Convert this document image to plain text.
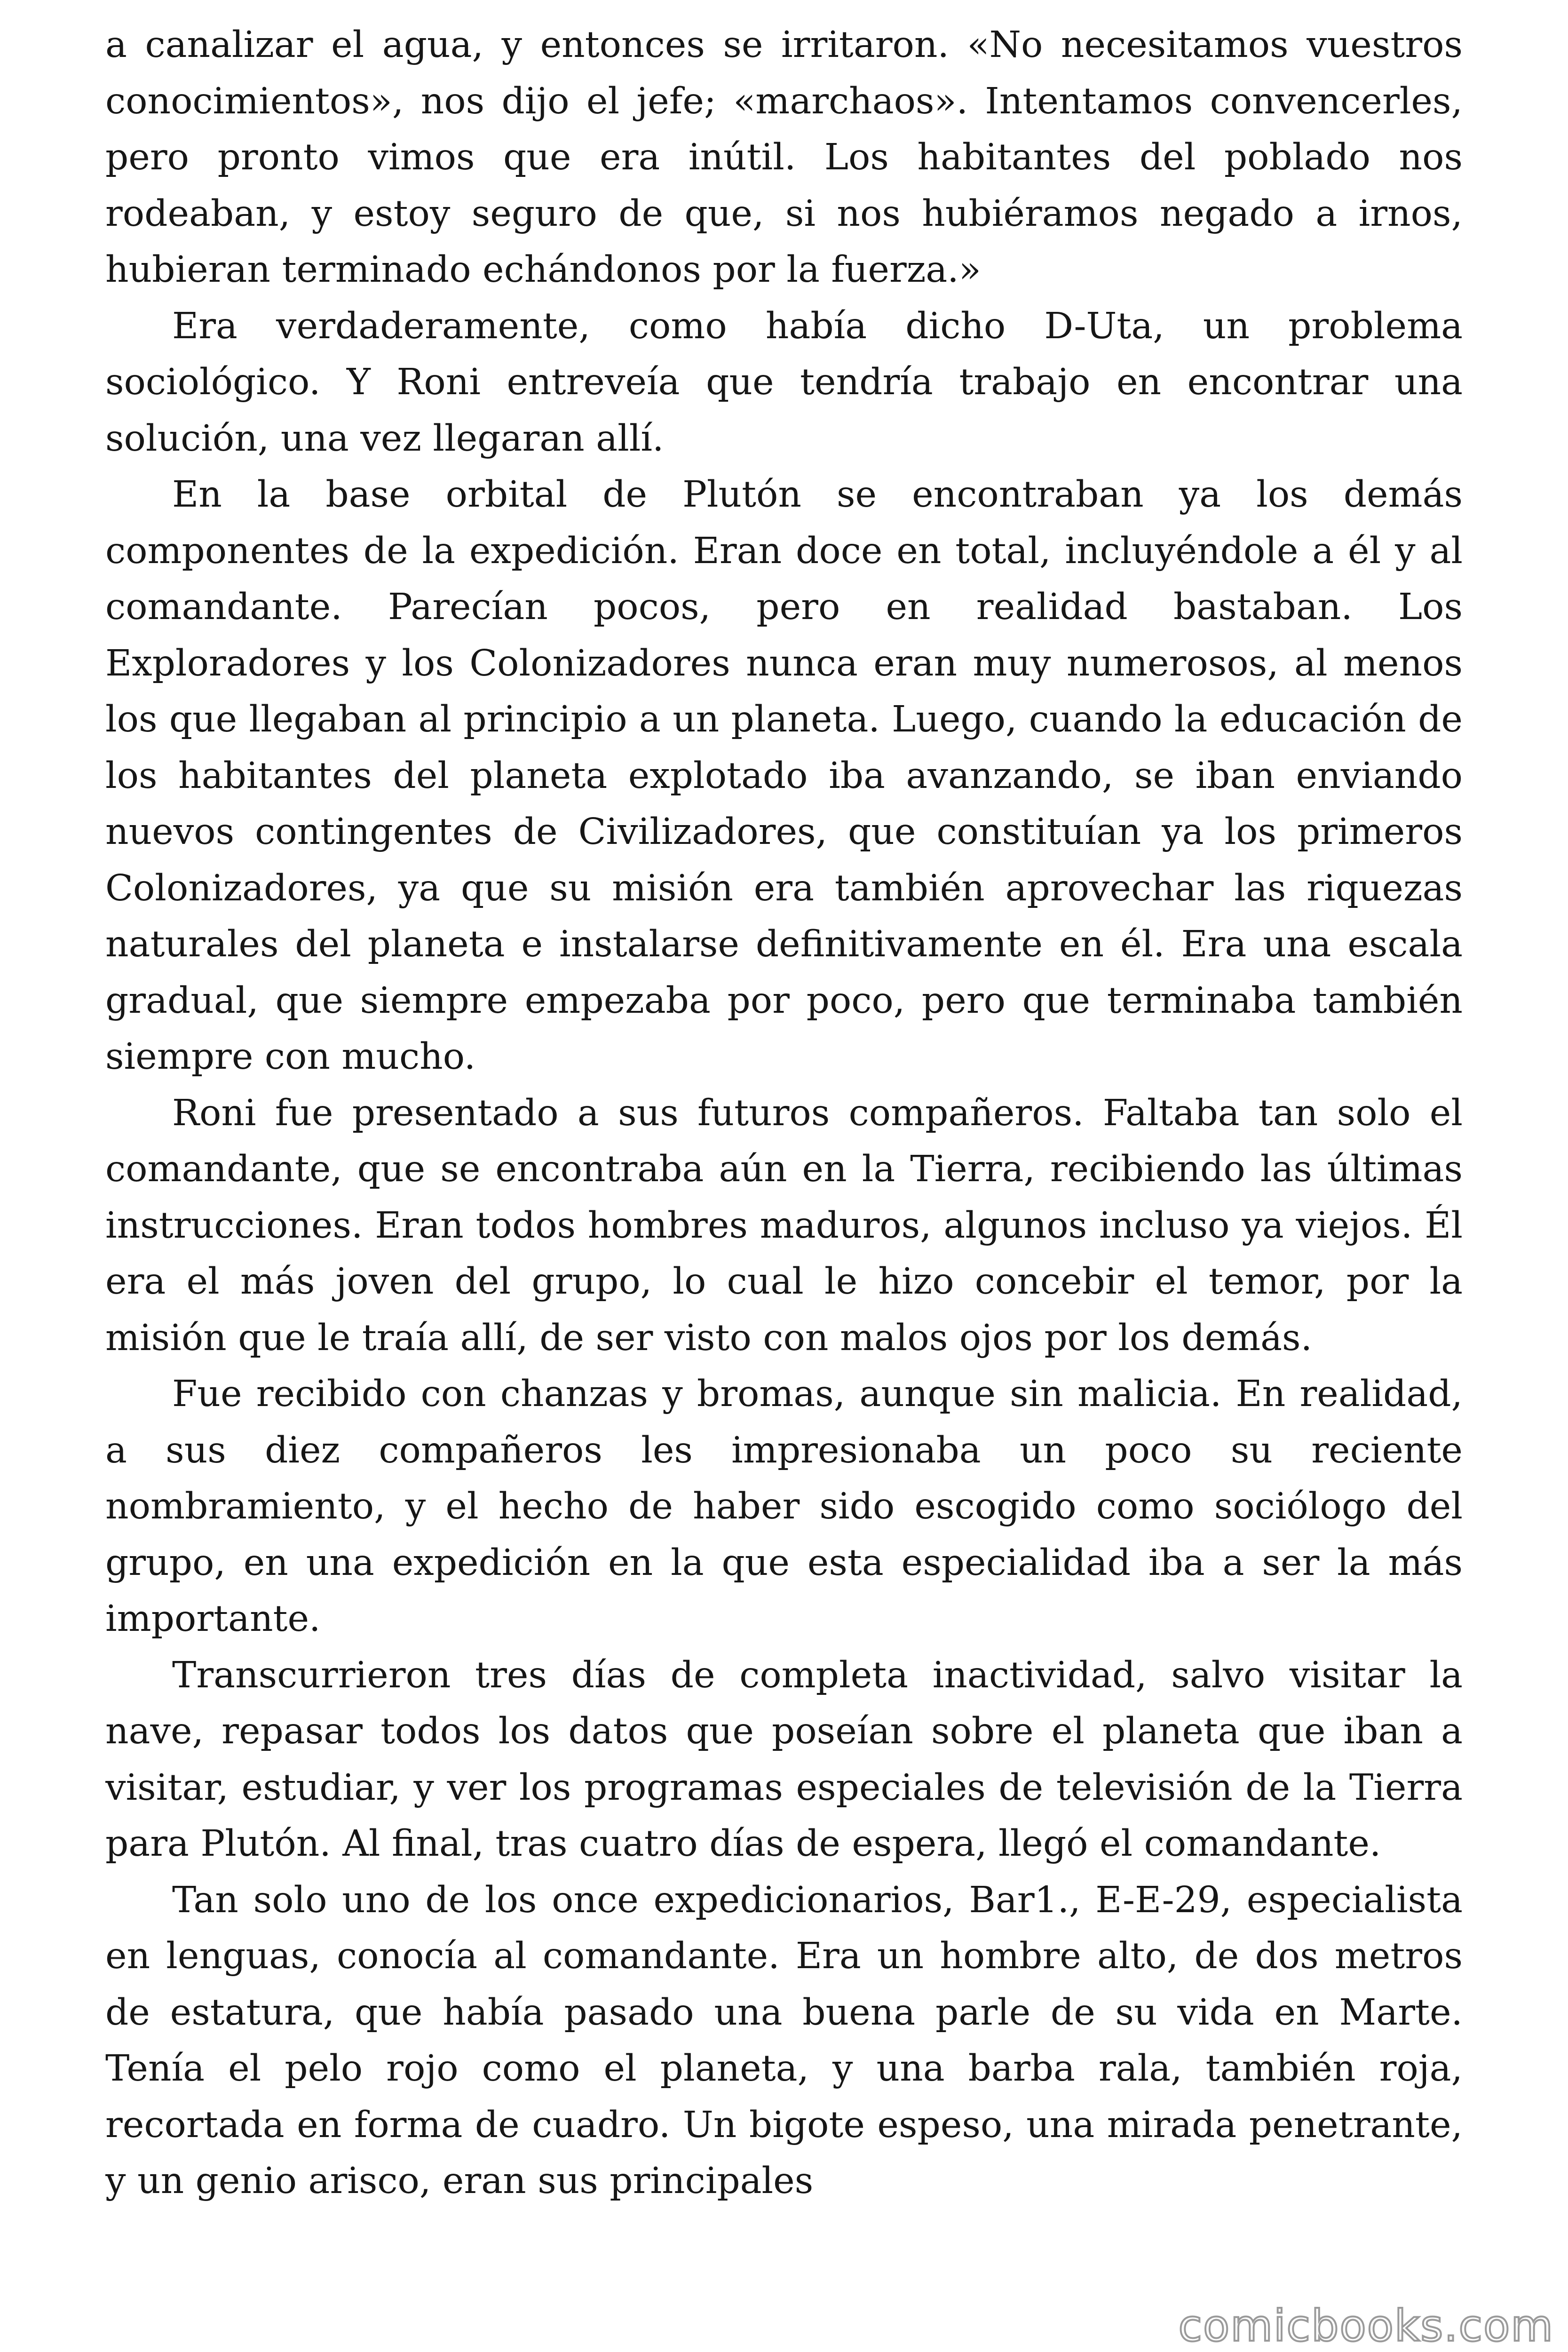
a canalizar el agua, y entonces se irritaron. «No necesitamos vuestros conocimientos», nos dijo el jefe; «marchaos». Intentamos convencerles, pero pronto vimos que era inútil. Los habitantes del poblado nos rodeaban, y estoy seguro de que, si nos hubiéramos negado a irnos, hubieran terminado echándonos por la fuerza.»

Era verdaderamente, como había dicho D-Uta, un problema sociológico. Y Roni entreveía que tendría trabajo en encontrar una solución, una vez llegaran allí.

En la base orbital de Plutón se encontraban ya los demás componentes de la expedición. Eran doce en total, incluyéndole a él y al comandante. Parecían pocos, pero en realidad bastaban. Los Exploradores y los Colonizadores nunca eran muy numerosos, al menos los que llegaban al principio a un planeta. Luego, cuando la educación de los habitantes del planeta explotado iba avanzando, se iban enviando nuevos contingentes de Civilizadores, que constituían ya los primeros Colonizadores, ya que su misión era también aprovechar las riquezas naturales del planeta e instalarse definitivamente en él. Era una escala gradual, que siempre empezaba por poco, pero que terminaba también siempre con mucho.

Roni fue presentado a sus futuros compañeros. Faltaba tan solo el comandante, que se encontraba aún en la Tierra, recibiendo las últimas instrucciones. Eran todos hombres maduros, algunos incluso ya viejos. Él era el más joven del grupo, lo cual le hizo concebir el temor, por la misión que le traía allí, de ser visto con malos ojos por los demás.

Fue recibido con chanzas y bromas, aunque sin malicia. En realidad, a sus diez compañeros les impresionaba un poco su reciente nombramiento, y el hecho de haber sido escogido como sociólogo del grupo, en una expedición en la que esta especialidad iba a ser la más importante.

Transcurrieron tres días de completa inactividad, salvo visitar la nave, repasar todos los datos que poseían sobre el planeta que iban a visitar, estudiar, y ver los programas especiales de televisión de la Tierra para Plutón. Al final, tras cuatro días de espera, llegó el comandante.

Tan solo uno de los once expedicionarios, Bar1., E-E-29, especialista en lenguas, conocía al comandante. Era un hombre alto, de dos metros de estatura, que había pasado una buena parle de su vida en Marte. Tenía el pelo rojo como el planeta, y una barba rala, también roja, recortada en forma de cuadro. Un bigote espeso, una mirada penetrante, y un genio arisco, eran sus principales

comicbooks.com
